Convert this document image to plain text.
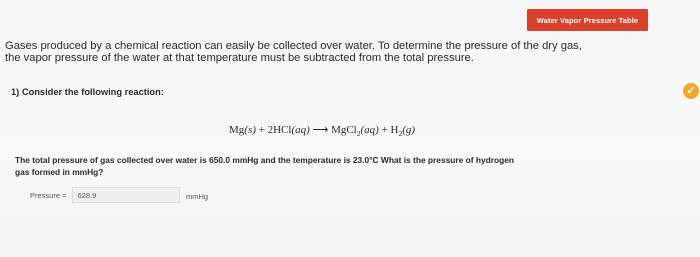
Water Vapor Pressure Table
Gases produced by a chemical reaction can easily be collected over water. To determine the pressure of the dry gas,
the vapor pressure of the water at that temperature must be subtracted from the total pressure.
1) Consider the following reaction:
Mg(s) + 2HCl(aq) ⟶ MgCl$_2$(aq) + $H_2(g)$
The total pressure of gas collected over water is 650.0 mmHg and the temperature is 23.0°C What is the pressure of hydrogen
gas formed in mmHg?
Pressure =
628.9	mmHg
✓
